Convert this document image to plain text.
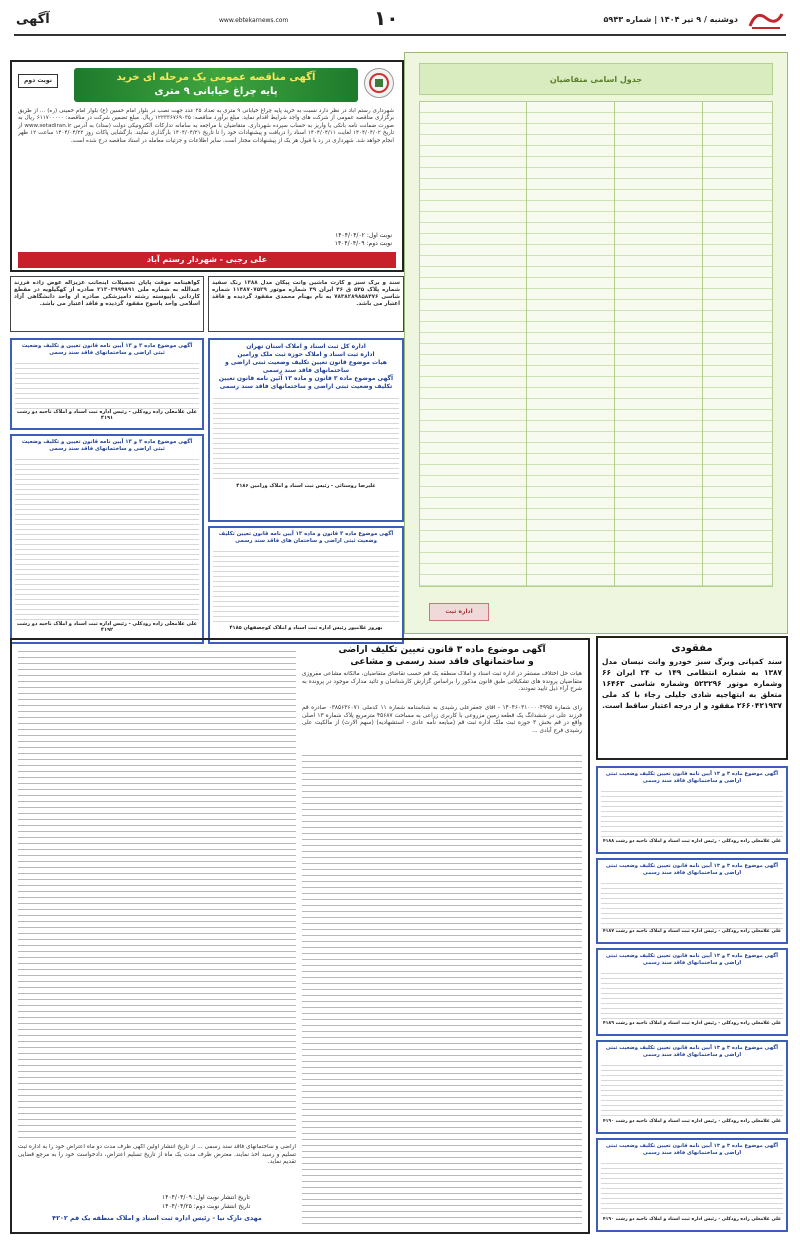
دوشنبه / ۹ تیر ۱۴۰۴ | شماره ۵۹۴۳
۱۰
www.ebtekarnews.com
آگهی
آگهی مناقصه عمومی یک مرحله ای خرید
پایه چراغ خیابانی ۹ متری
نوبت دوم
شهرداری رستم آباد در نظر دارد نسبت به خرید پایه چراغ خیابانی ۹ متری به تعداد ۲۵ عدد جهت نصب در بلوار امام حسین (ع) بلوار امام خمینی (ره) ... از طریق برگزاری مناقصه عمومی از شرکت های واجد شرایط اقدام نماید. مبلغ برآورد مناقصه: ۱۲۲۳۳۶۷۶۹۰۳۵ ریال. مبلغ تضمین شرکت در مناقصه: ۶۱۱۷۰۰۰۰۰ ریال به صورت ضمانت نامه بانکی یا واریز به حساب سپرده شهرداری. متقاضیان با مراجعه به سامانه تدارکات الکترونیکی دولت (ستاد) به آدرس www.setadiran.ir از تاریخ ۱۴۰۴/۰۴/۰۲ لغایت ۱۴۰۴/۰۴/۱۱ اسناد را دریافت و پیشنهادات خود را تا تاریخ ۱۴۰۴/۰۴/۲۱ بارگذاری نمایند. بازگشایی پاکات روز ۱۴۰۴/۰۴/۲۲ ساعت ۱۲ ظهر انجام خواهد شد. شهرداری در رد یا قبول هر یک از پیشنهادات مختار است. سایر اطلاعات و جزئیات معامله در اسناد مناقصه درج شده است.
نوبت اول: ۱۴۰۴/۰۴/۰۲
نوبت دوم: ۱۴۰۴/۰۴/۰۹
علی رجبی - شهردار رستم آباد
جدول اسامی متقاضیان
اداره ثبت
گواهینامه موقت پایان تحصیلات اینجانب عزیزاله عوض زاده فرزند عبدالله به شماره ملی ۲۱۳۰۳۹۹۹۸۹۱ صادره از کهگیلویه در مقطع کاردانی ناپیوسته رشته دامپزشکی صادره از واحد دانشگاهی آزاد اسلامی واحد یاسوج مفقود گردیده و فاقد اعتبار می باشد.
سند و برگ سبز و کارت ماشین وانت پیکان مدل ۱۳۸۸ رنگ سفید شماره پلاک ۵۴۵ ق ۴۶ ایران ۴۹ شماره موتور ۱۱۴۸۷۰۷۵۲۹ شماره شاسی ۷۸۳۸۲۸۹۸۵۸۴۷۶ به نام بهنام محمدی مفقود گردیده و فاقد اعتبار می باشد.
آگهی موضوع ماده ۳ و ۱۳ آیین نامه قانون تعیین و تکلیف وضعیت ثبتی اراضی و ساختمانهای فاقد سند رسمی
علی غلامعلی زاده رودکلی - رئیس اداره ثبت اسناد و املاک ناحیه دو رشت ۴۱۹۱
آگهی موضوع ماده ۳ و ۱۳ آیین نامه قانون تعیین و تکلیف وضعیت ثبتی اراضی و ساختمانهای فاقد سند رسمی
علی غلامعلی زاده رودکلی - رئیس اداره ثبت اسناد و املاک ناحیه دو رشت ۴۱۹۲
اداره کل ثبت اسناد و املاک استان تهران
اداره ثبت اسناد و املاک حوزه ثبت ملک ورامین
هیات موضوع قانون تعیین تکلیف وضعیت ثبتی اراضی و ساختمانهای فاقد سند رسمی
آگهی موضوع ماده ۳ قانون و ماده ۱۳ آئین نامه قانون تعیین تکلیف وضعیت ثبتی اراضی و ساختمانهای فاقد سند رسمی
علیرضا روستائی - رئیس ثبت اسناد و املاک ورامین ۴۱۸۶
آگهی موضوع ماده ۳ قانون و ماده ۱۳ آیین نامه قانون تعیین تکلیف وضعیت ثبتی اراضی و ساختمان های فاقد سند رسمی
بهروز غلامپور رئیس اداره ثبت اسناد و املاک کوچصفهان ۴۱۸۵
مفقودی
سند کمپانی وبرگ سبز خودرو وانت نیسان مدل ۱۳۸۷ به شماره انتظامی ۱۴۹ ب ۲۴ ایران ۶۶ وشماره موتور ۵۲۳۲۹۶ وشماره شاسی ۱۶۴۶۳ متعلق به ابتهاجیه شادی جلیلی رجاء با کد ملی ۲۶۶۰۴۲۱۹۳۷ مفقود و از درجه اعتبار ساقط است.
آگهی موضوع ماده ۳ و ۱۳ آیین نامه قانون تعیین تکلیف وضعیت ثبتی اراضی و ساختمانهای فاقد سند رسمی
علی غلامعلی زاده رودکلی - رئیس اداره ثبت اسناد و املاک ناحیه دو رشت ۴۱۸۸
آگهی موضوع ماده ۳ و ۱۳ آیین نامه قانون تعیین تکلیف وضعیت ثبتی اراضی و ساختمانهای فاقد سند رسمی
علی غلامعلی زاده رودکلی - رئیس اداره ثبت اسناد و املاک ناحیه دو رشت ۴۱۸۷
آگهی موضوع ماده ۳ و ۱۳ آیین نامه قانون تعیین تکلیف وضعیت ثبتی اراضی و ساختمانهای فاقد سند رسمی
علی غلامعلی زاده رودکلی - رئیس اداره ثبت اسناد و املاک ناحیه دو رشت ۴۱۸۹
آگهی موضوع ماده ۳ و ۱۳ آیین نامه قانون تعیین تکلیف وضعیت ثبتی اراضی و ساختمانهای فاقد سند رسمی
علی غلامعلی زاده رودکلی - رئیس اداره ثبت اسناد و املاک ناحیه دو رشت ۴۱۹۰
آگهی موضوع ماده ۳ و ۱۳ آیین نامه قانون تعیین تکلیف وضعیت ثبتی اراضی و ساختمانهای فاقد سند رسمی
علی غلامعلی زاده رودکلی - رئیس اداره ثبت اسناد و املاک ناحیه دو رشت ۴۱۹۰
آگهی موضوع ماده ۳ قانون تعیین تکلیف اراضی
و ساختمانهای فاقد سند رسمی و مشاعی
هیات حل اختلاف مستقر در اداره ثبت اسناد و املاک منطقه یک قم حسب تقاضای متقاضیان، مالکانه مشاعی مفروزی متقاضیان پرونده های تشکیلاتی طبق قانون مذکور را براساس گزارش کارشناسان و تائید مدارک موجود در پرونده به شرح آراء ذیل تایید نمودند.
رای شماره ۱۴۰۴۶۰۳۱۰۰۰۰۴۹۹۵ - آقای جعفرعلی رشیدی به شناسنامه شماره ۱۱ کدملی ۰۳۸۵۶۳۶۰۷۱ صادره قم فرزند علی در ششدانگ یک قطعه زمین مزروعی با کاربری زراعی به مساحت ۴۵۶۸۷ مترمربع پلاک شماره ۱۳ اصلی واقع در قم بخش ۳ حوزه ثبت ملک اداره ثبت قم (مبایعه نامه عادی - استشهادیه) (سهم الارث) از مالکیت علی رشیدی فرج آبادی ...
اراضی و ساختمانهای فاقد سند رسمی ... از تاریخ انتشار اولین آگهی ظرف مدت دو ماه اعتراض خود را به اداره ثبت تسلیم و رسید اخذ نمایند. معترض ظرف مدت یک ماه از تاریخ تسلیم اعتراض، دادخواست خود را به مرجع قضایی تقدیم نماید.
تاریخ انتشار نوبت اول: ۱۴۰۴/۰۴/۰۹
تاریخ انتشار نوبت دوم: ۱۴۰۴/۰۴/۲۵
مهدی نازک نیا - رئیس اداره ثبت اسناد و املاک منطقه یک قم ۴۲۰۲
